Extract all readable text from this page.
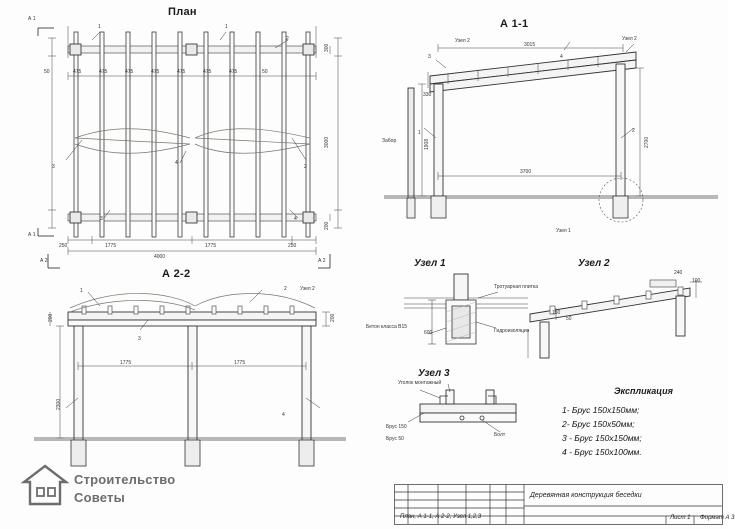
План
А 1
А 1
А 2	А 2
300
3000
200
50	475	475	475	475	475	475	475	50
250	1775	1775	250
4000
1	1
2
3	2
4
3	4
А 1-1
Узел 2	Узел 2
3015
330
1908	2700
3700
Забор
Узел 1
3
1	2
4
А 2-2
Узел 2
200	200
1775	1775
2300
1	2
3
4
Узел 1
Тротуарная плитка
Бетон класса В15
Гидроизоляция
600
Узел 2
150
50
100
240
Узел 3
Уголок монтажный
Брус 150
Брус 50
Болт
Экспликация
1- Брус 150х150мм;
2- Брус 150х50мм;
3 - Брус 150х150мм;
4 - Брус 150х100мм.
Деревянная конструкция беседки
План, А 1-1, А 2-2, Узел 1,2,3	Лист 1 Формат А 3
Строительство
Советы
